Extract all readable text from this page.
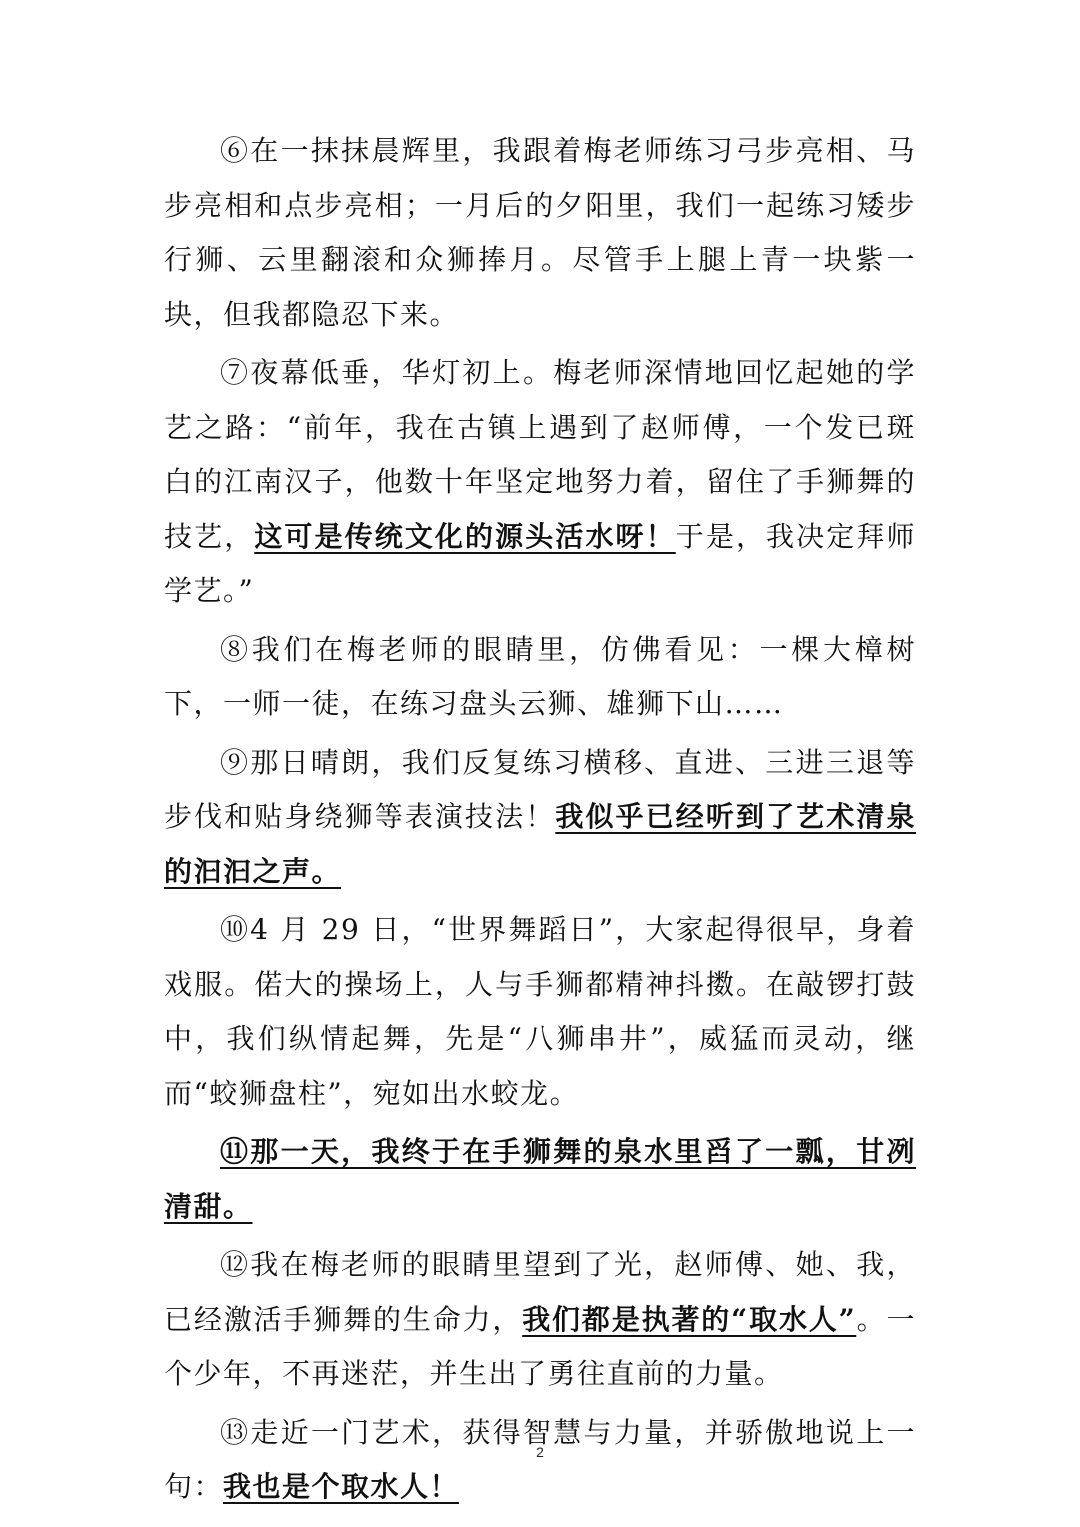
⑥在一抹抹晨辉里，我跟着梅老师练习弓步亮相、马步亮相和点步亮相；一月后的夕阳里，我们一起练习矮步行狮、云里翻滚和众狮捧月。尽管手上腿上青一块紫一块，但我都隐忍下来。

⑦夜幕低垂，华灯初上。梅老师深情地回忆起她的学艺之路：“前年，我在古镇上遇到了赵师傅，一个发已斑白的江南汉子，他数十年坚定地努力着，留住了手狮舞的技艺，这可是传统文化的源头活水呀！于是，我决定拜师学艺。”

⑧我们在梅老师的眼睛里，仿佛看见：一棵大樟树下，一师一徒，在练习盘头云狮、雄狮下山……

⑨那日晴朗，我们反复练习横移、直进、三进三退等步伐和贴身绕狮等表演技法！我似乎已经听到了艺术清泉的汩汩之声。

⑩4 月 29 日，“世界舞蹈日”，大家起得很早，身着戏服。偌大的操场上，人与手狮都精神抖擞。在敲锣打鼓中，我们纵情起舞，先是“八狮串井”，威猛而灵动，继而“蛟狮盘柱”，宛如出水蛟龙。

⑪那一天，我终于在手狮舞的泉水里舀了一瓢，甘冽清甜。

⑫我在梅老师的眼睛里望到了光，赵师傅、她、我，已经激活手狮舞的生命力，我们都是执著的“取水人”。一个少年，不再迷茫，并生出了勇往直前的力量。

⑬走近一门艺术，获得智慧与力量，并骄傲地说上一句：我也是个取水人！

2
